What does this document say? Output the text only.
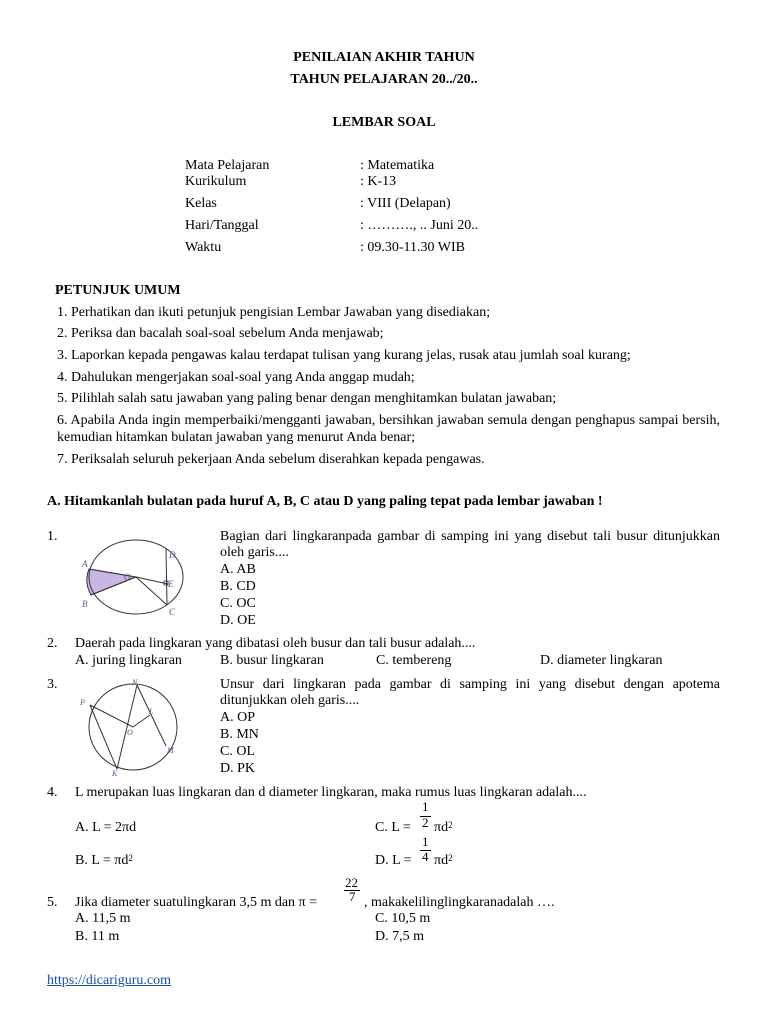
PENILAIAN AKHIR TAHUN
TAHUN PELAJARAN 20../20..
LEMBAR SOAL
Mata Pelajaran	: Matematika
Kurikulum	: K-13
Kelas	: VIII (Delapan)
Hari/Tanggal	: ………., .. Juni 20..
Waktu	: 09.30-11.30 WIB
PETUNJUK UMUM
1. Perhatikan dan ikuti petunjuk pengisian Lembar Jawaban yang disediakan;
2. Periksa dan bacalah soal-soal sebelum Anda menjawab;
3. Laporkan kepada pengawas kalau terdapat tulisan yang kurang jelas, rusak atau jumlah soal kurang;
4. Dahulukan mengerjakan soal-soal yang Anda anggap mudah;
5. Pilihlah salah satu jawaban yang paling benar dengan menghitamkan bulatan jawaban;
6. Apabila Anda ingin memperbaiki/mengganti jawaban, bersihkan jawaban semula dengan penghapus sampai bersih, kemudian hitamkan bulatan jawaban yang menurut Anda benar;
7. Periksalah seluruh pekerjaan Anda sebelum diserahkan kepada pengawas.
A. Hitamkanlah bulatan pada huruf A, B, C atau D yang paling tepat pada lembar jawaban !
1.
A
B
C
D
E
O
Bagian dari lingkaranpada gambar di samping ini yang disebut tali busur ditunjukkan oleh garis....
A. AB
B. CD
C. OC
D. OE
2. Daerah pada lingkaran yang dibatasi oleh busur dan tali busur adalah....
A. juring lingkaran	B. busur lingkaran	C. tembereng	D. diameter lingkaran
3.	N
P
L
O
M
K
Unsur dari lingkaran pada gambar di samping ini yang disebut dengan apotema ditunjukkan oleh garis....
A. OP
B. MN
C. OL
D. PK
4. L merupakan luas lingkaran dan d diameter lingkaran, maka rumus luas lingkaran adalah....
A. L = 2πd	C. L =
1
2 $\pi d^2$
B. $L = \pi d^2$	D. L =
1
4 $\pi d^2$
5. Jika diameter suatulingkaran 3,5 m dan π =
22
7 , makakelilinglingkaranadalah ….
A. 11,5 m	C. 10,5 m
B. 11 m	D. 7,5 m
https://dicariguru.com
